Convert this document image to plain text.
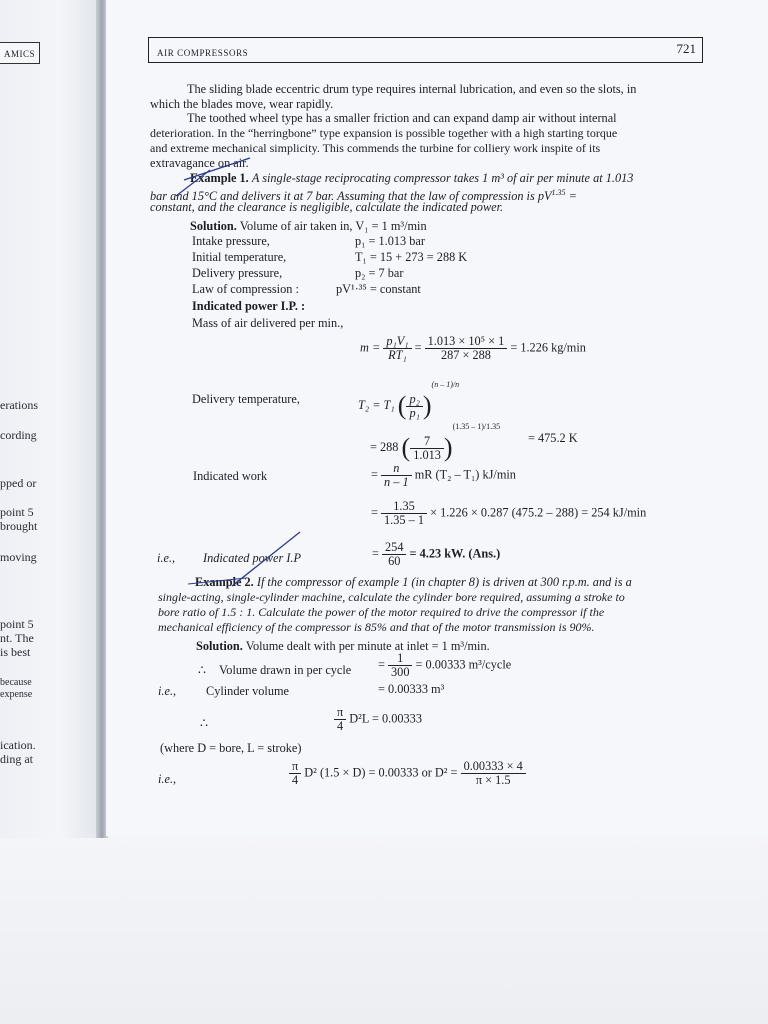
AMICS
erations
cording
pped or
point 5
brought
moving
point 5
nt. The
is best
because
expense
ication.
ding at
AIR COMPRESSORS	721
The sliding blade eccentric drum type requires internal lubrication, and even so the slots, in
which the blades move, wear rapidly.
The toothed wheel type has a smaller friction and can expand damp air without internal
deterioration. In the “herringbone” type expansion is possible together with a high starting torque
and extreme mechanical simplicity. This commends the turbine for colliery work inspite of its
extravagance on air.
Example 1. A single-stage reciprocating compressor takes 1 m³ of air per minute at 1.013
bar and 15°C and delivers it at 7 bar. Assuming that the law of compression is $pV^{1.35}$ =
constant, and the clearance is negligible, calculate the indicated power.
Solution. Volume of air taken in, V₁ = 1 m³/min
Intake pressure,	p₁ = 1.013 bar
Initial temperature,	T₁ = 15 + 273 = 288 K
Delivery pressure,	p₂ = 7 bar
Law of compression :	pV¹·³⁵ = constant
Indicated power I.P. :
Mass of air delivered per min.,
$m = \frac{\text{p₁V₁}}{\text{RT₁}} = \frac{\text{1.013 × 10⁵ × 1}}{287 \times 288} = 1.226$ kg/min
Delivery temperature,	T₂ = T₁ ( $\frac{\text{p₂}}{\text{p₁}} )^{(n - 1)/n}$
= 288 ( $\frac{7}{1.013} )^{(1.35 - 1)/1.35}$
= 475.2 K
Indicated work	= $\frac{n}{n - 1}$ mR (T₂ – T₁) kJ/min
= $\frac{1.35}{1.35 - 1} \times 1.226 \times 0.287$ (475.2 – 288) = 254 kJ/min
i.e., Indicated power I.P	= $\frac{254}{60} = 4.23$ kW. (Ans.)
Example 2. If the compressor of example 1 (in chapter 8) is driven at 300 r.p.m. and is a
single-acting, single-cylinder machine, calculate the cylinder bore required, assuming a stroke to
bore ratio of 1.5 : 1. Calculate the power of the motor required to drive the compressor if the
mechanical efficiency of the compressor is 85% and that of the motor transmission is 90%.
Solution. Volume dealt with per minute at inlet = 1 m³/min.
∴ Volume drawn in per cycle = $\frac{1}{300} = 0.00333$ m³/cycle
i.e., Cylinder volume	= 0.00333 m³
∴	$\frac{\pi}{4} D^2L = 0.00333$
(where D = bore, L = stroke)
i.e.,	$\frac{\pi}{4} D^2$ (1.5 × D) = 0.00333 or $D^2 = \frac{0.00333 \times 4}{\pi \times 1.5}$
